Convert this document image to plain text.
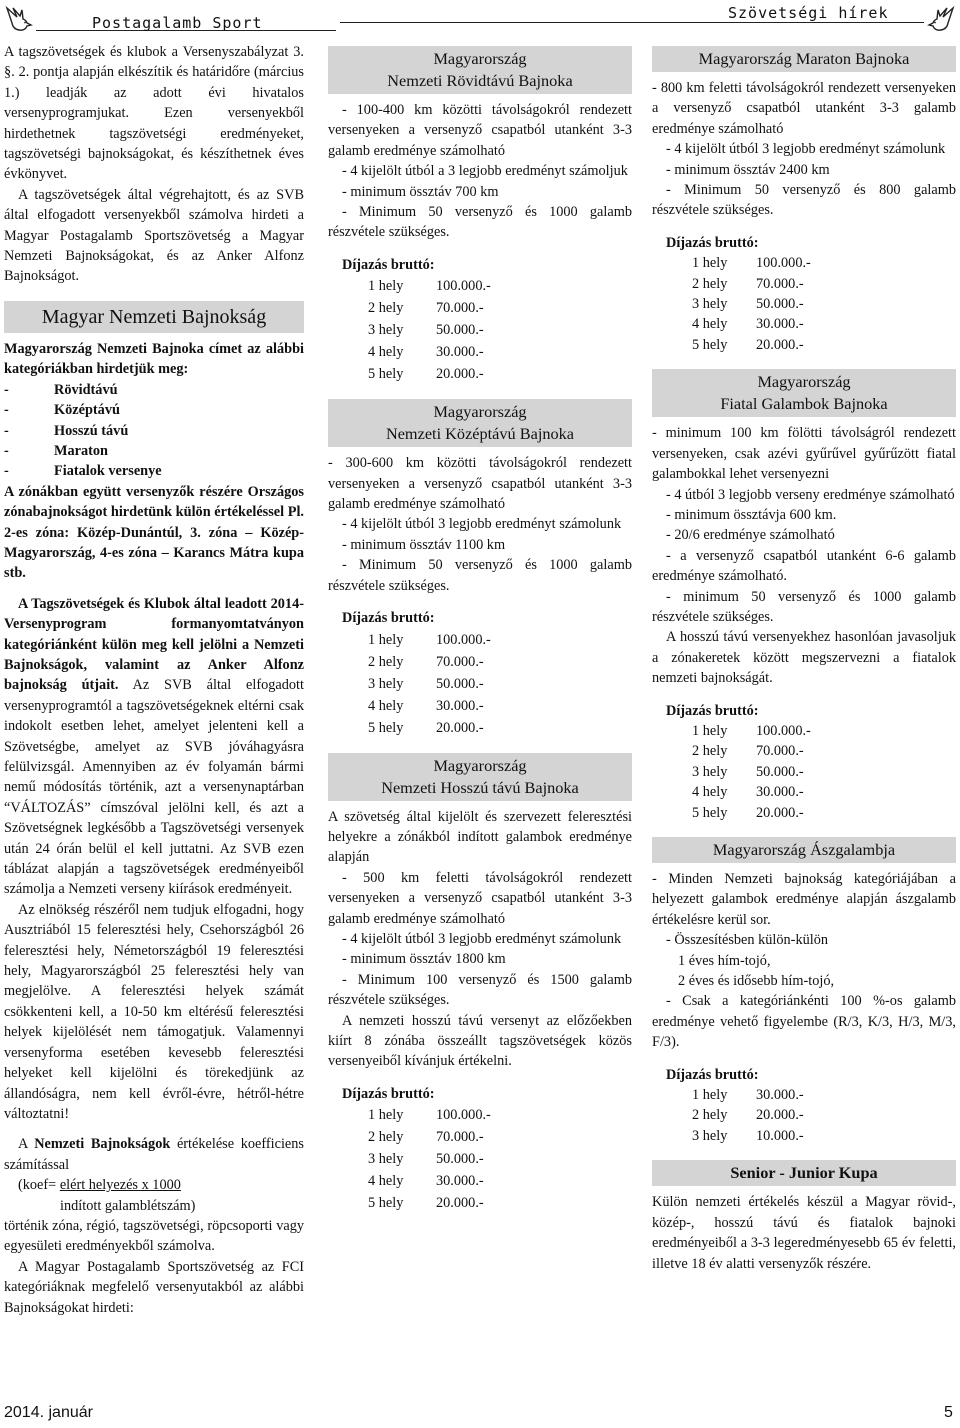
Postagalamb Sport
Szövetségi hírek

A tagszövetségek és klubok a Versenyszabályzat 3. §. 2. pontja alapján elkészítik és határidőre (március 1.) leadják az adott évi hivatalos versenyprogramjukat. Ezen versenyekből hirdethetnek tagszövetségi eredményeket, tagszövetségi bajnokságokat, és készíthetnek éves évkönyvet.

A tagszövetségek által végrehajtott, és az SVB által elfogadott versenyekből számolva hirdeti a Magyar Postagalamb Sportszövetség a Magyar Nemzeti Bajnokságokat, és az Anker Alfonz Bajnokságot.

Magyar Nemzeti Bajnokság

Magyarország Nemzeti Bajnoka címet az alábbi kategóriákban hirdetjük meg:

-	Rövidtávú
-	Középtávú
-	Hosszú távú
-	Maraton
-	Fiatalok versenye

A zónákban együtt versenyzők részére Országos zónabajnokságot hirdetünk külön értékeléssel Pl. 2-es zóna: Közép-Dunántúl, 3. zóna – Közép-Magyarország, 4-es zóna – Karancs Mátra kupa stb.

A Tagszövetségek és Klubok által leadott 2014-Versenyprogram formanyomtatványon kategóriánként külön meg kell jelölni a Nemzeti Bajnokságok, valamint az Anker Alfonz bajnokság útjait. Az SVB által elfogadott versenyprogramtól a tagszövetségeknek eltérni csak indokolt esetben lehet, amelyet jelenteni kell a Szövetségbe, amelyet az SVB jóváhagyásra felülvizsgál. Amennyiben az év folyamán bármi nemű módosítás történik, azt a versenynaptárban “VÁLTOZÁS” címszóval jelölni kell, és azt a Szövetségnek legkésőbb a Tagszövetségi versenyek után 24 órán belül el kell juttatni. Az SVB ezen táblázat alapján a tagszövetségek eredményeiből számolja a Nemzeti verseny kiírások eredményeit.

Az elnökség részéről nem tudjuk elfogadni, hogy Ausztriából 15 feleresztési hely, Csehországból 26 feleresztési hely, Németországból 19 feleresztési hely, Magyarországból 25 feleresztési hely van megjelölve. A feleresztési helyek számát csökkenteni kell, a 10-50 km eltérésű feleresztési helyek kijelölését nem támogatjuk. Valamennyi versenyforma esetében kevesebb feleresztési helyeket kell kijelölni és törekedjünk az állandóságra, nem kell évről-évre, hétről-hétre változtatni!

A Nemzeti Bajnokságok értékelése koefficiens számítással

(koef= elért helyezés x 1000

indított galamblétszám)

történik zóna, régió, tagszövetségi, röpcsoporti vagy egyesületi eredményekből számolva.

A Magyar Postagalamb Sportszövetség az FCI kategóriáknak megfelelő versenyutakból az alábbi Bajnokságokat hirdeti:

Magyarország
Nemzeti Rövidtávú Bajnoka

- 100-400 km közötti távolságokról rendezett versenyeken a versenyző csapatból utanként 3-3 galamb eredménye számolható

- 4 kijelölt útból a 3 legjobb eredményt számoljuk

- minimum össztáv 700 km

- Minimum 50 versenyző és 1000 galamb részvétele szükséges.

Díjazás bruttó:
1 hely 100.000.-
2 hely 70.000.-
3 hely 50.000.-
4 hely 30.000.-
5 hely 20.000.-
Magyarország
Nemzeti Középtávú Bajnoka

- 300-600 km közötti távolságokról rendezett versenyeken a versenyző csapatból utanként 3-3 galamb eredménye számolható

- 4 kijelölt útból 3 legjobb eredményt számolunk

- minimum össztáv 1100 km

- Minimum 50 versenyző és 1000 galamb részvétele szükséges.

Díjazás bruttó:
1 hely 100.000.-
2 hely 70.000.-
3 hely 50.000.-
4 hely 30.000.-
5 hely 20.000.-
Magyarország
Nemzeti Hosszú távú Bajnoka

A szövetség által kijelölt és szervezett feleresztési helyekre a zónákból indított galambok eredménye alapján

- 500 km feletti távolságokról rendezett versenyeken a versenyző csapatból utanként 3-3 galamb eredménye számolható

- 4 kijelölt útból 3 legjobb eredményt számolunk

- minimum össztáv 1800 km

- Minimum 100 versenyző és 1500 galamb részvétele szükséges.

A nemzeti hosszú távú versenyt az előzőekben kiírt 8 zónába összeállt tagszövetségek közös versenyeiből kívánjuk értékelni.

Díjazás bruttó:
1 hely 100.000.-
2 hely 70.000.-
3 hely 50.000.-
4 hely 30.000.-
5 hely 20.000.-
Magyarország Maraton Bajnoka

- 800 km feletti távolságokról rendezett versenyeken a versenyző csapatból utanként 3-3 galamb eredménye számolható

- 4 kijelölt útból 3 legjobb eredményt számolunk

- minimum össztáv 2400 km

- Minimum 50 versenyző és 800 galamb részvétele szükséges.

Díjazás bruttó:
1 hely 100.000.-
2 hely 70.000.-
3 hely 50.000.-
4 hely 30.000.-
5 hely 20.000.-
Magyarország
Fiatal Galambok Bajnoka

- minimum 100 km fölötti távolságról rendezett versenyeken, csak azévi gyűrűvel gyűrűzött fiatal galambokkal lehet versenyezni

- 4 útból 3 legjobb verseny eredménye számolható

- minimum össztávja 600 km.

- 20/6 eredménye számolható

- a versenyző csapatból utanként 6-6 galamb eredménye számolható.

- minimum 50 versenyző és 1000 galamb részvétele szükséges.

A hosszú távú versenyekhez hasonlóan javasoljuk a zónakeretek között megszervezni a fiatalok nemzeti bajnokságát.

Díjazás bruttó:
1 hely 100.000.-
2 hely 70.000.-
3 hely 50.000.-
4 hely 30.000.-
5 hely 20.000.-
Magyarország Ászgalambja

- Minden Nemzeti bajnokság kategóriájában a helyezett galambok eredménye alapján ászgalamb értékelésre kerül sor.

- Összesítésben külön-külön

1 éves hím-tojó,

2 éves és idősebb hím-tojó,

- Csak a kategóriánkénti 100 %-os galamb eredménye vehető figyelembe (R/3, K/3, H/3, M/3, F/3).

Díjazás bruttó:
1 hely 30.000.-
2 hely 20.000.-
3 hely 10.000.-
Senior - Junior Kupa

Külön nemzeti értékelés készül a Magyar rövid-, közép-, hosszú távú és fiatalok bajnoki eredményeiből a 3-3 legeredményesebb 65 év feletti, illetve 18 év alatti versenyzők részére.

2014. január	5
